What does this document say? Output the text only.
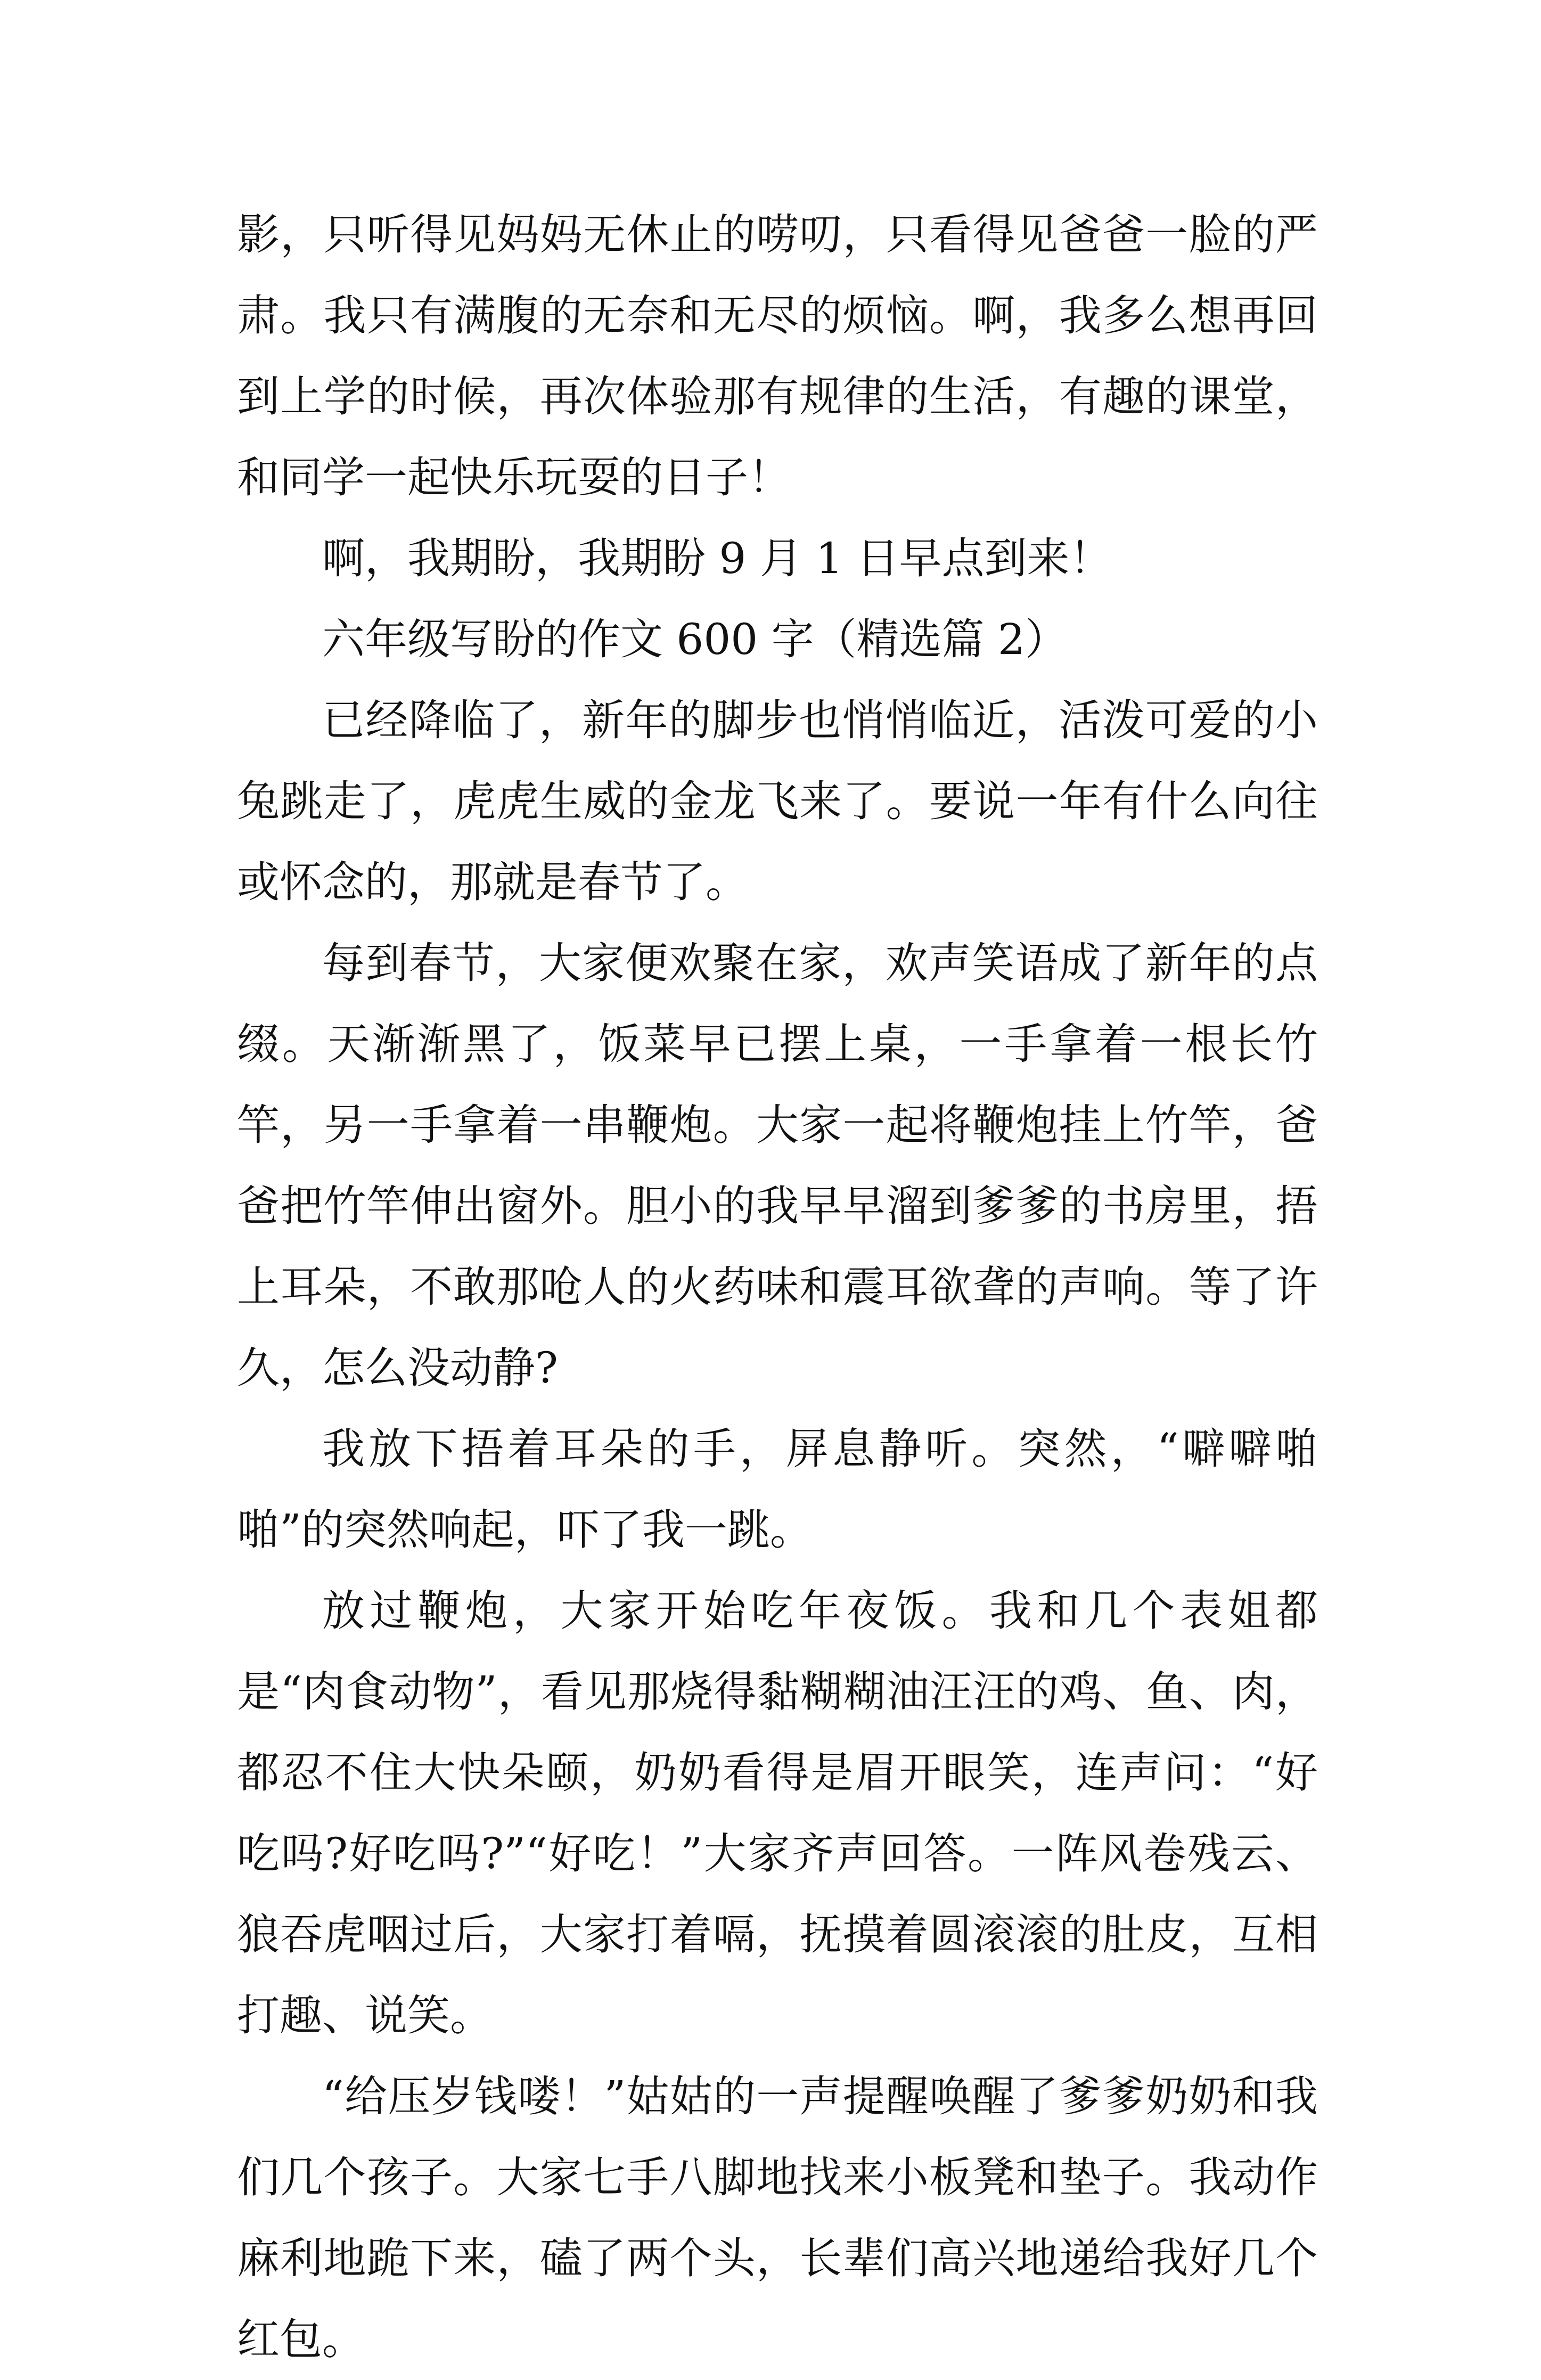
影，只听得见妈妈无休止的唠叨，只看得见爸爸一脸的严肃。我只有满腹的无奈和无尽的烦恼。啊，我多么想再回到上学的时候，再次体验那有规律的生活，有趣的课堂，和同学一起快乐玩耍的日子！

啊，我期盼，我期盼 9 月 1 日早点到来！

六年级写盼的作文 600 字（精选篇 2）

已经降临了，新年的脚步也悄悄临近，活泼可爱的小兔跳走了，虎虎生威的金龙飞来了。要说一年有什么向往或怀念的，那就是春节了。

每到春节，大家便欢聚在家，欢声笑语成了新年的点缀。天渐渐黑了，饭菜早已摆上桌，一手拿着一根长竹竿，另一手拿着一串鞭炮。大家一起将鞭炮挂上竹竿，爸爸把竹竿伸出窗外。胆小的我早早溜到爹爹的书房里，捂上耳朵，不敢那呛人的火药味和震耳欲聋的声响。等了许久，怎么没动静?

我放下捂着耳朵的手，屏息静听。突然，“噼噼啪啪”的突然响起，吓了我一跳。

放过鞭炮，大家开始吃年夜饭。我和几个表姐都是“肉食动物”，看见那烧得黏糊糊油汪汪的鸡、鱼、肉，都忍不住大快朵颐，奶奶看得是眉开眼笑，连声问：“好吃吗?好吃吗?”“好吃！”大家齐声回答。一阵风卷残云、狼吞虎咽过后，大家打着嗝，抚摸着圆滚滚的肚皮，互相打趣、说笑。

“给压岁钱喽！”姑姑的一声提醒唤醒了爹爹奶奶和我们几个孩子。大家七手八脚地找来小板凳和垫子。我动作麻利地跪下来，磕了两个头，长辈们高兴地递给我好几个红包。
